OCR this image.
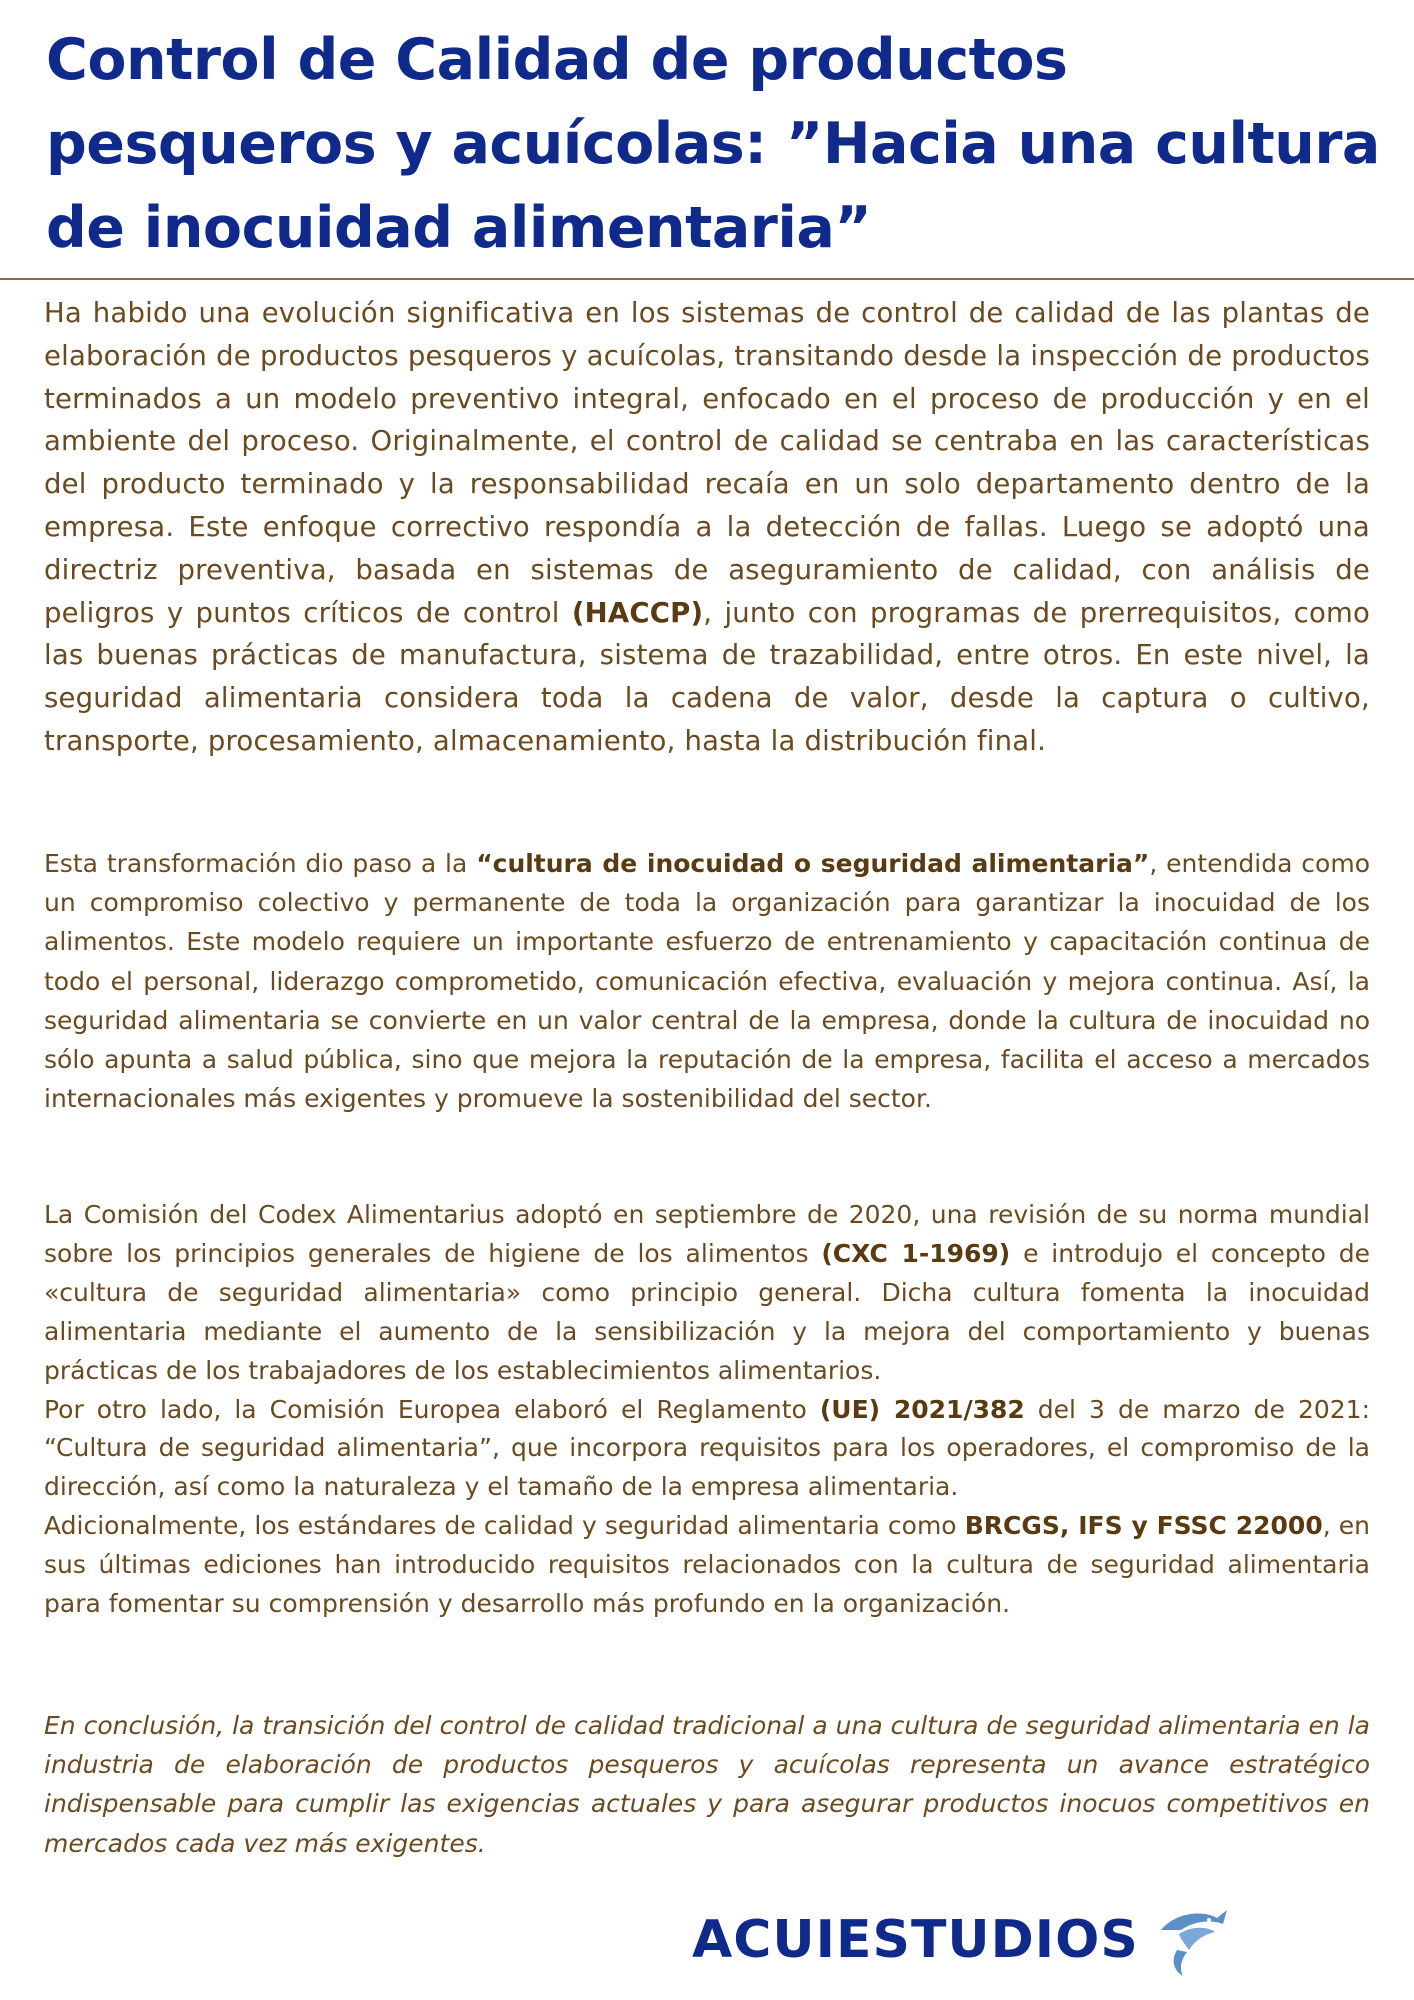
Control de Calidad de productos pesqueros y acuícolas: ”Hacia una cultura de inocuidad alimentaria”

Ha habido una evolución significativa en los sistemas de control de calidad de las plantas de elaboración de productos pesqueros y acuícolas, transitando desde la inspección de productos terminados a un modelo preventivo integral, enfocado en el proceso de producción y en el ambiente del proceso. Originalmente, el control de calidad se centraba en las características del producto terminado y la responsabilidad recaía en un solo departamento dentro de la empresa. Este enfoque correctivo respondía a la detección de fallas. Luego se adoptó una directriz preventiva, basada en sistemas de aseguramiento de calidad, con análisis de peligros y puntos críticos de control (HACCP), junto con programas de prerrequisitos, como las buenas prácticas de manufactura, sistema de trazabilidad, entre otros. En este nivel, la seguridad alimentaria considera toda la cadena de valor, desde la captura o cultivo, transporte, procesamiento, almacenamiento, hasta la distribución final.

Esta transformación dio paso a la “cultura de inocuidad o seguridad alimentaria”, entendida como un compromiso colectivo y permanente de toda la organización para garantizar la inocuidad de los alimentos. Este modelo requiere un importante esfuerzo de entrenamiento y capacitación continua de todo el personal, liderazgo comprometido, comunicación efectiva, evaluación y mejora continua. Así, la seguridad alimentaria se convierte en un valor central de la empresa, donde la cultura de inocuidad no sólo apunta a salud pública, sino que mejora la reputación de la empresa, facilita el acceso a mercados internacionales más exigentes y promueve la sostenibilidad del sector.

La Comisión del Codex Alimentarius adoptó en septiembre de 2020, una revisión de su norma mundial sobre los principios generales de higiene de los alimentos (CXC 1-1969) e introdujo el concepto de «cultura de seguridad alimentaria» como principio general. Dicha cultura fomenta la inocuidad alimentaria mediante el aumento de la sensibilización y la mejora del comportamiento y buenas prácticas de los trabajadores de los establecimientos alimentarios.
Por otro lado, la Comisión Europea elaboró el Reglamento (UE) 2021/382 del 3 de marzo de 2021: “Cultura de seguridad alimentaria”, que incorpora requisitos para los operadores, el compromiso de la dirección, así como la naturaleza y el tamaño de la empresa alimentaria.
Adicionalmente, los estándares de calidad y seguridad alimentaria como BRCGS, IFS y FSSC 22000, en sus últimas ediciones han introducido requisitos relacionados con la cultura de seguridad alimentaria para fomentar su comprensión y desarrollo más profundo en la organización.

En conclusión, la transición del control de calidad tradicional a una cultura de seguridad alimentaria en la industria de elaboración de productos pesqueros y acuícolas representa un avance estratégico indispensable para cumplir las exigencias actuales y para asegurar productos inocuos competitivos en mercados cada vez más exigentes.

ACUIESTUDIOS
